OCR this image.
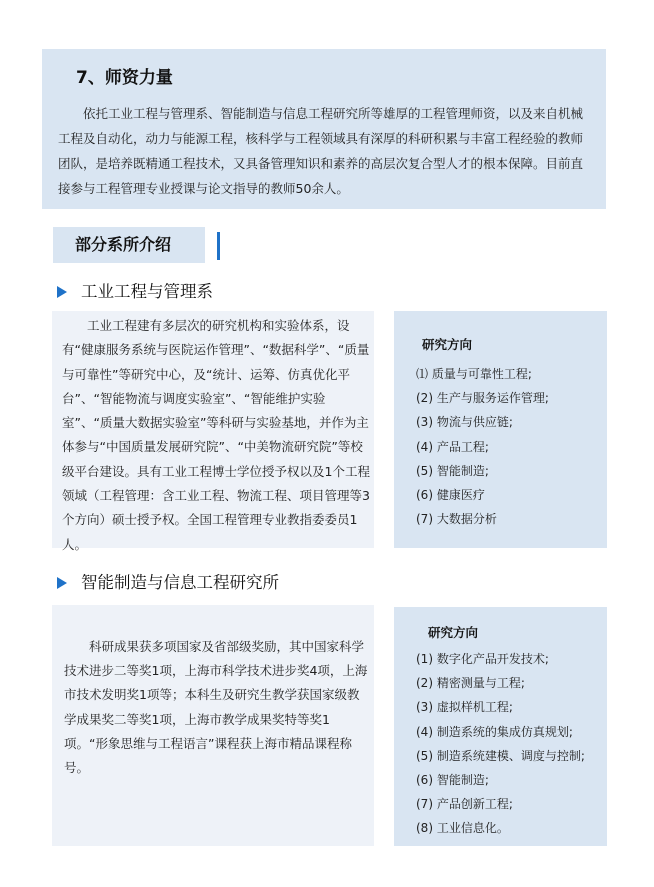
7、师资力量

依托工业工程与管理系、智能制造与信息工程研究所等雄厚的工程管理师资，以及来自机械工程及自动化，动力与能源工程，核科学与工程领域具有深厚的科研积累与丰富工程经验的教师团队，是培养既精通工程技术，又具备管理知识和素养的高层次复合型人才的根本保障。目前直接参与工程管理专业授课与论文指导的教师50余人。

部分系所介绍
工业工程与管理系

工业工程建有多层次的研究机构和实验体系，设有“健康服务系统与医院运作管理”、“数据科学”、“质量与可靠性”等研究中心，及“统计、运筹、仿真优化平台”、“智能物流与调度实验室”、“智能维护实验室”、“质量大数据实验室”等科研与实验基地，并作为主体参与“中国质量发展研究院”、“中美物流研究院”等校级平台建设。具有工业工程博士学位授予权以及1个工程领域（工程管理：含工业工程、物流工程、项目管理等3个方向）硕士授予权。全国工程管理专业教指委委员1人。

研究方向
⑴ 质量与可靠性工程;
(2) 生产与服务运作管理;
(3) 物流与供应链;
(4) 产品工程;
(5) 智能制造;
(6) 健康医疗
(7) 大数据分析
智能制造与信息工程研究所

科研成果获多项国家及省部级奖励，其中国家科学技术进步二等奖1项，上海市科学技术进步奖4项，上海市技术发明奖1项等；本科生及研究生教学获国家级教学成果奖二等奖1项，上海市教学成果奖特等奖1项。“形象思维与工程语言”课程获上海市精品课程称号。

研究方向
(1) 数字化产品开发技术;
(2) 精密测量与工程;
(3) 虚拟样机工程;
(4) 制造系统的集成仿真规划;
(5) 制造系统建模、调度与控制;
(6) 智能制造;
(7) 产品创新工程;
(8) 工业信息化。
